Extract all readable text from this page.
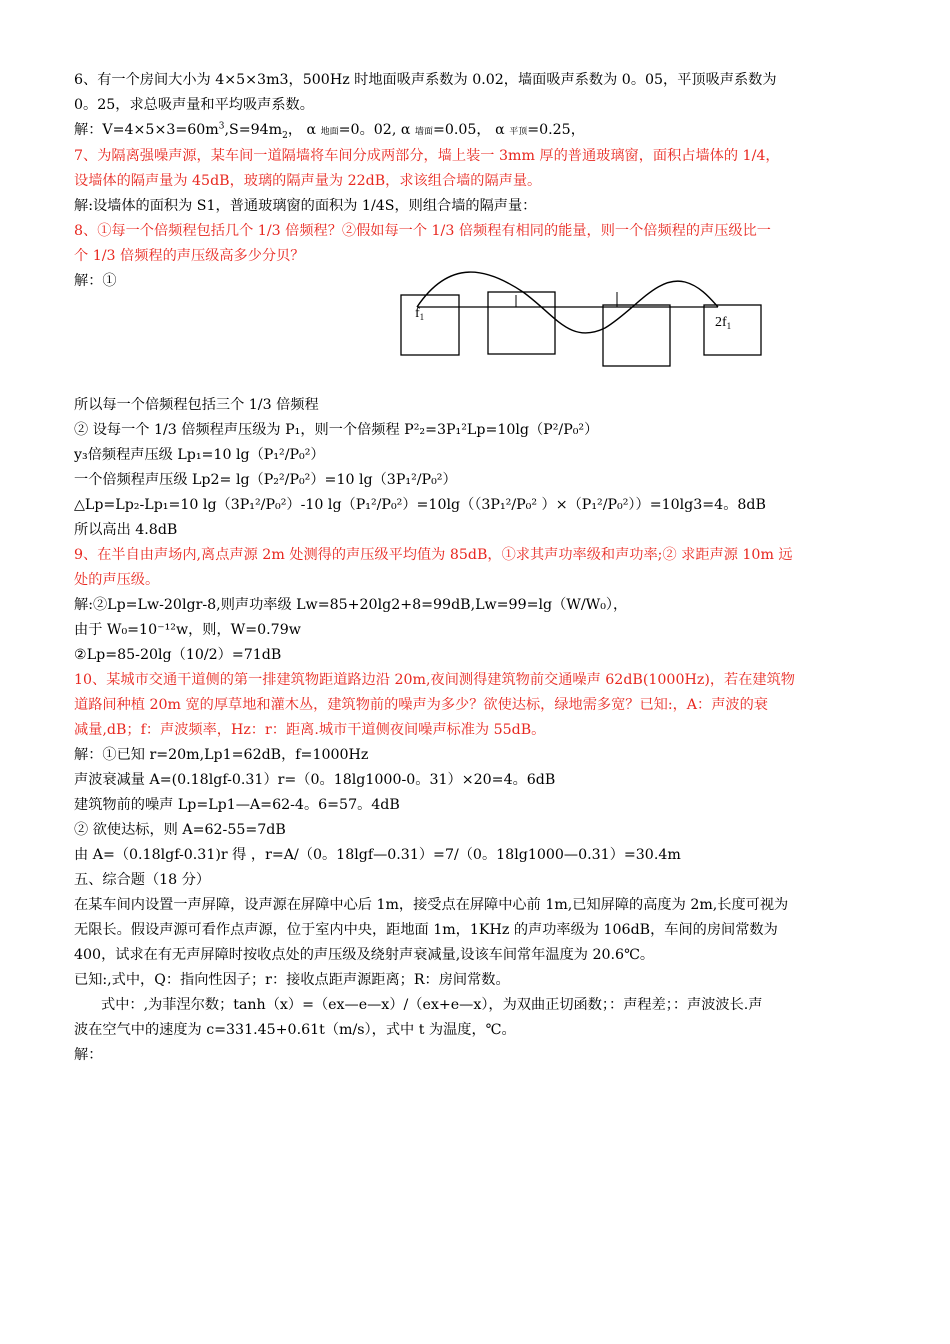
6、有一个房间大小为 4×5×3m3，500Hz 时地面吸声系数为 0.02，墙面吸声系数为 0。05，平顶吸声系数为
0。25，求总吸声量和平均吸声系数。
解：$V=4\times 5\times 3=60m^3,S=94m_2$， α 地面=0。02, α 墙面=0.05， α 平顶=0.25，
7、为隔离强噪声源，某车间一道隔墙将车间分成两部分，墙上装一 3mm 厚的普通玻璃窗，面积占墙体的 1/4，
设墙体的隔声量为 45dB，玻璃的隔声量为 22dB，求该组合墙的隔声量。
解:设墙体的面积为 S1，普通玻璃窗的面积为 1/4S，则组合墙的隔声量：
8、①每一个倍频程包括几个 1/3 倍频程？②假如每一个 1/3 倍频程有相同的能量，则一个倍频程的声压级比一
个 1/3 倍频程的声压级高多少分贝？
解：①
$f_1$	$2f_1$
所以每一个倍频程包括三个 1/3 倍频程
② 设每一个 1/3 倍频程声压级为 P₁，则一个倍频程 P²₂=3P₁²Lp=10lg（P²/P₀²）
y₃倍频程声压级 Lp₁=10 lg（P₁²/P₀²）
一个倍频程声压级 Lp2= lg（P₂²/P₀²）=10 lg（3P₁²/P₀²）
△Lp=Lp₂-Lp₁=10 lg（3P₁²/P₀²）-10 lg（P₁²/P₀²）=10lg（（3P₁²/P₀² ）×（P₁²/P₀²））=10lg3=4。8dB
所以高出 4.8dB
9、在半自由声场内,离点声源 2m 处测得的声压级平均值为 85dB，①求其声功率级和声功率;② 求距声源 10m 远
处的声压级。
解:②Lp=Lw-20lgr-8,则声功率级 Lw=85+20lg2+8=99dB,Lw=99=lg（W/W₀），
由于 W₀=10⁻¹²w，则，W=0.79w
②Lp=85-20lg（10/2）=71dB
10、某城市交通干道侧的第一排建筑物距道路边沿 20m,夜间测得建筑物前交通噪声 62dB(1000Hz)，若在建筑物
道路间种植 20m 宽的厚草地和灌木丛，建筑物前的噪声为多少？欲使达标，绿地需多宽？已知:，A：声波的衰
减量,dB；f：声波频率，Hz：r：距离.城市干道侧夜间噪声标准为 55dB。
解：①已知 r=20m,Lp1=62dB，f=1000Hz
声波衰减量 A=(0.18lgf-0.31）r=（0。18lg1000-0。31）×20=4。6dB
建筑物前的噪声 Lp=Lp1—A=62-4。6=57。4dB
② 欲使达标，则 A=62-55=7dB
由 A=（0.18lgf-0.31)r 得 ，r=A/（0。18lgf—0.31）=7/（0。18lg1000—0.31）=30.4m
五、综合题（18 分）
在某车间内设置一声屏障，设声源在屏障中心后 1m，接受点在屏障中心前 1m,已知屏障的高度为 2m,长度可视为
无限长。假设声源可看作点声源，位于室内中央，距地面 1m，1KHz 的声功率级为 106dB，车间的房间常数为
400，试求在有无声屏障时按收点处的声压级及绕射声衰减量,设该车间常年温度为 20.6℃。
已知:,式中，Q：指向性因子；r：接收点距声源距离；R：房间常数。
式中：,为菲涅尔数；tanh（x）=（ex—e—x）/（ex+e—x），为双曲正切函数；：声程差；：声波波长.声
波在空气中的速度为 c=331.45+0.61t（m/s），式中 t 为温度，℃。
解：
